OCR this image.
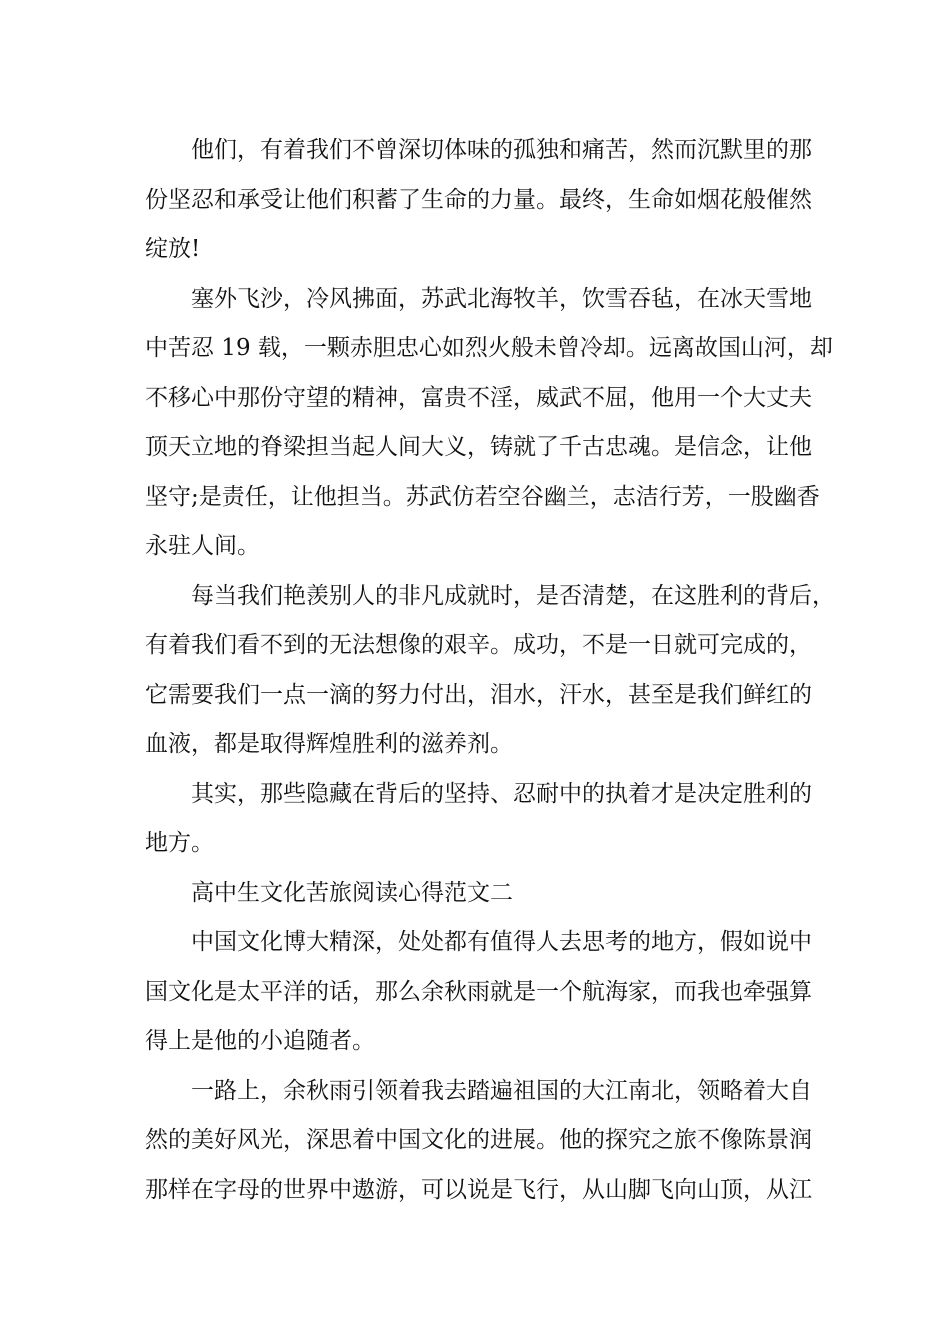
他们，有着我们不曾深切体味的孤独和痛苦，然而沉默里的那
份坚忍和承受让他们积蓄了生命的力量。最终，生命如烟花般催然
绽放!
塞外飞沙，冷风拂面，苏武北海牧羊，饮雪吞毡，在冰天雪地
中苦忍 19 载，一颗赤胆忠心如烈火般未曾冷却。远离故国山河，却
不移心中那份守望的精神，富贵不淫，威武不屈，他用一个大丈夫
顶天立地的脊梁担当起人间大义，铸就了千古忠魂。是信念，让他
坚守;是责任，让他担当。苏武仿若空谷幽兰，志洁行芳，一股幽香
永驻人间。
每当我们艳羡别人的非凡成就时，是否清楚，在这胜利的背后，
有着我们看不到的无法想像的艰辛。成功，不是一日就可完成的，
它需要我们一点一滴的努力付出，泪水，汗水，甚至是我们鲜红的
血液，都是取得辉煌胜利的滋养剂。
其实，那些隐藏在背后的坚持、忍耐中的执着才是决定胜利的
地方。
高中生文化苦旅阅读心得范文二
中国文化博大精深，处处都有值得人去思考的地方，假如说中
国文化是太平洋的话，那么余秋雨就是一个航海家，而我也牵强算
得上是他的小追随者。
一路上，余秋雨引领着我去踏遍祖国的大江南北，领略着大自
然的美好风光，深思着中国文化的进展。他的探究之旅不像陈景润
那样在字母的世界中遨游，可以说是飞行，从山脚飞向山顶，从江
